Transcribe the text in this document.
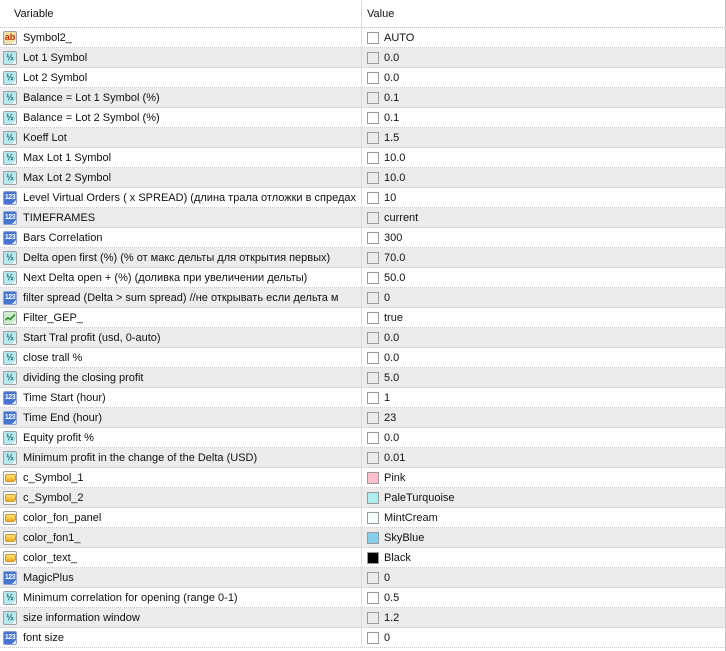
Variable	Value
ab Symbol2_	AUTO
½ Lot 1 Symbol	0.0
½ Lot 2 Symbol	0.0
½ Balance = Lot 1 Symbol (%)	0.1
½ Balance = Lot 2 Symbol (%)	0.1
½ Koeff Lot	1.5
½ Max Lot 1 Symbol	10.0
½ Max Lot 2 Symbol	10.0
123 Level Virtual Orders ( x SPREAD) (длина трала отложки в спредах	10
123 TIMEFRAMES	current
123 Bars Correlation	300
½ Delta open first (%) (% от макс дельты для открытия первых)	70.0
½ Next Delta open + (%) (доливка при увеличении дельты)	50.0
123 filter spread (Delta > sum spread) //не открывать если дельта м	0
Filter_GEP_	true
½ Start Tral profit (usd, 0-auto)	0.0
½ close trall %	0.0
½ dividing the closing profit	5.0
123 Time Start (hour)	1
123 Time End (hour)	23
½ Equity profit %	0.0
½ Minimum profit in the change of the Delta (USD)	0.01
c_Symbol_1	Pink
c_Symbol_2	PaleTurquoise
color_fon_panel	MintCream
color_fon1_	SkyBlue
color_text_	Black
123 MagicPlus	0
½ Minimum correlation for opening (range 0-1)	0.5
½ size information window	1.2
123 font size	0
